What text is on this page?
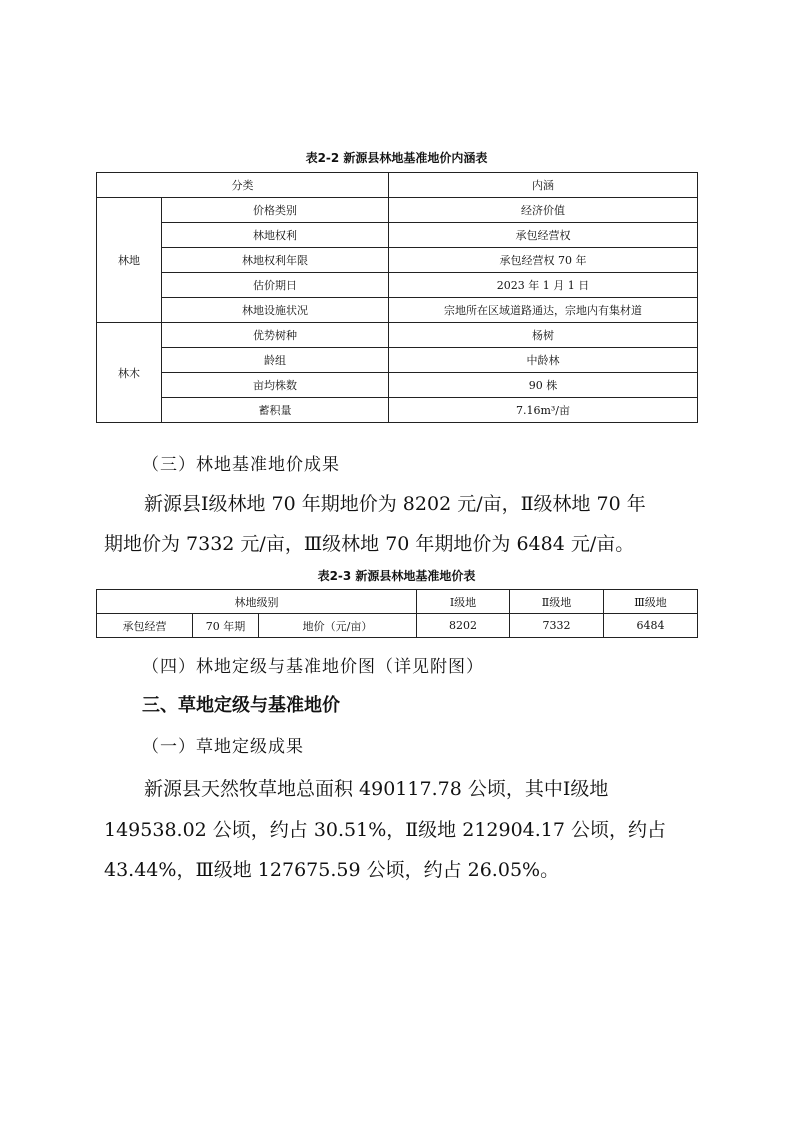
表2-2 新源县林地基准地价内涵表
分类		内涵
林地	价格类别	经济价值
	林地权利	承包经营权
	林地权利年限	承包经营权 70 年
	估价期日	2023 年 1 月 1 日
	林地设施状况	宗地所在区域道路通达，宗地内有集材道
林木	优势树种	杨树
	龄组	中龄林
	亩均株数	90 株
	蓄积量	7.16m³/亩
（三）林地基准地价成果
新源县Ⅰ级林地 70 年期地价为 8202 元/亩，Ⅱ级林地 70 年
期地价为 7332 元/亩，Ⅲ级林地 70 年期地价为 6484 元/亩。
表2-3 新源县林地基准地价表
林地级别			Ⅰ级地	Ⅱ级地	Ⅲ级地
承包经营	70 年期	地价（元/亩）	8202	7332	6484
（四）林地定级与基准地价图（详见附图）
三、草地定级与基准地价
（一）草地定级成果
新源县天然牧草地总面积 490117.78 公顷，其中Ⅰ级地
149538.02 公顷，约占 30.51%，Ⅱ级地 212904.17 公顷，约占
43.44%，Ⅲ级地 127675.59 公顷，约占 26.05%。
